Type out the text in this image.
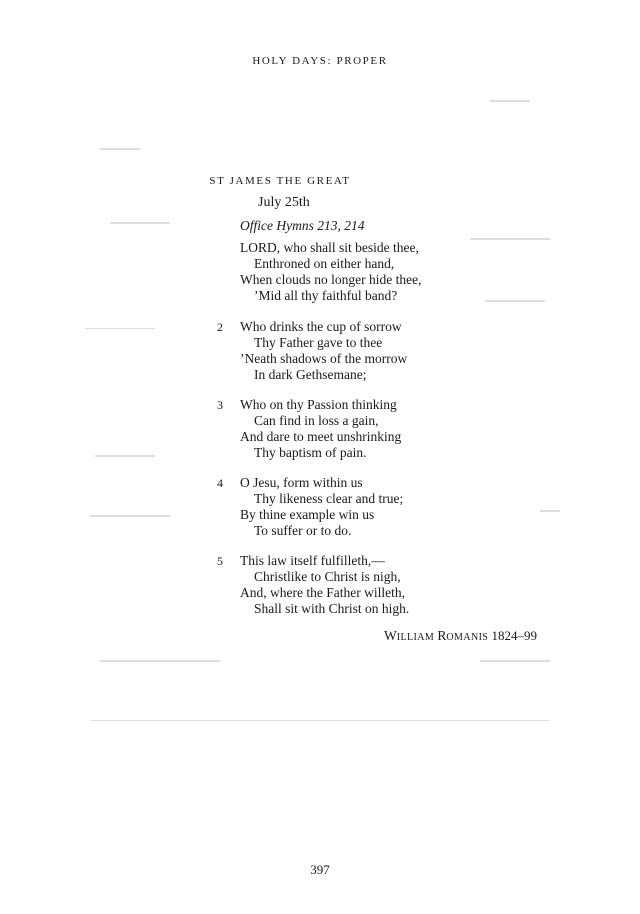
HOLY DAYS: PROPER
ST JAMES THE GREAT
July 25th
Office Hymns 213, 214
LORD, who shall sit beside thee,
Enthroned on either hand,
When clouds no longer hide thee,
’Mid all thy faithful band?
2 Who drinks the cup of sorrow
Thy Father gave to thee
’Neath shadows of the morrow
In dark Gethsemane;
3 Who on thy Passion thinking
Can find in loss a gain,
And dare to meet unshrinking
Thy baptism of pain.
4 O Jesu, form within us
Thy likeness clear and true;
By thine example win us
To suffer or to do.
5 This law itself fulfilleth,—
Christlike to Christ is nigh,
And, where the Father willeth,
Shall sit with Christ on high.
WILLIAM ROMANIS 1824–99
397
